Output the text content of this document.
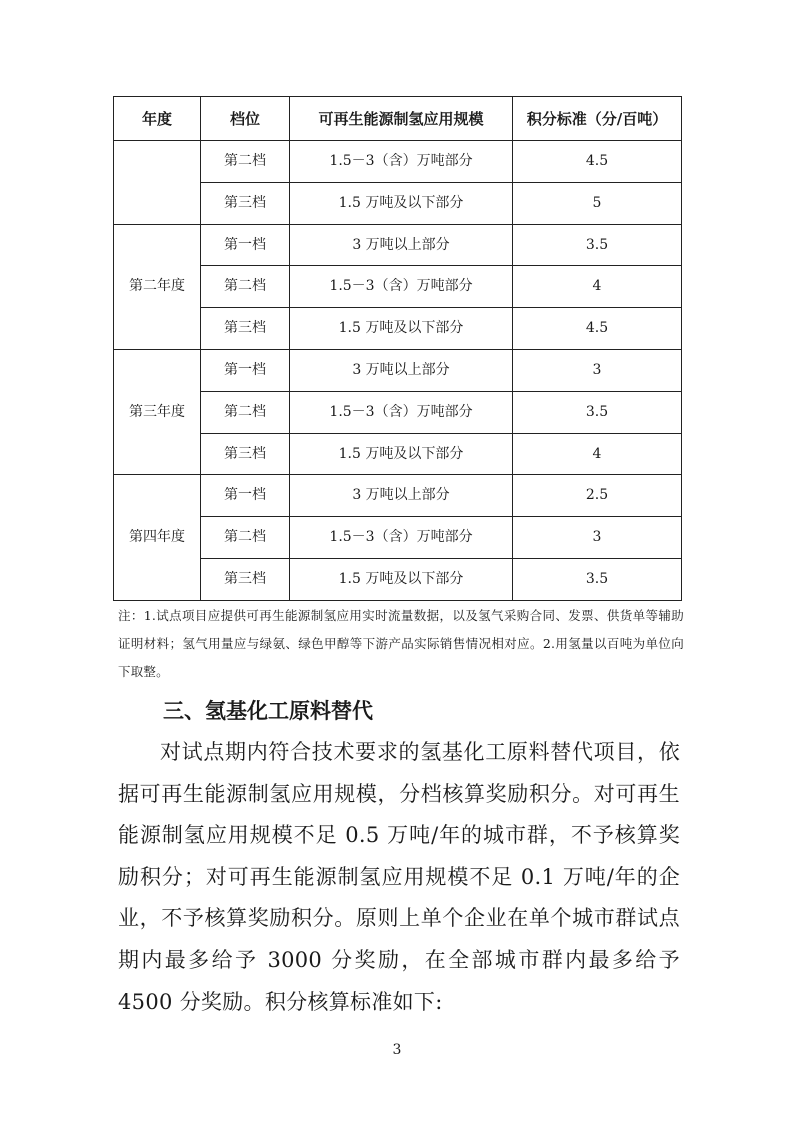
年度	档位	可再生能源制氢应用规模	积分标准（分/百吨）
	第二档	1.5－3（含）万吨部分	4.5
	第三档	1.5 万吨及以下部分	5
第二年度	第一档	3 万吨以上部分	3.5
	第二档	1.5－3（含）万吨部分	4
	第三档	1.5 万吨及以下部分	4.5
第三年度	第一档	3 万吨以上部分	3
	第二档	1.5－3（含）万吨部分	3.5
	第三档	1.5 万吨及以下部分	4
第四年度	第一档	3 万吨以上部分	2.5
	第二档	1.5－3（含）万吨部分	3
	第三档	1.5 万吨及以下部分	3.5
注：1.试点项目应提供可再生能源制氢应用实时流量数据，以及氢气采购合同、发票、供货单等辅助证明材料；氢气用量应与绿氨、绿色甲醇等下游产品实际销售情况相对应。2.用氢量以百吨为单位向下取整。
三、氢基化工原料替代
对试点期内符合技术要求的氢基化工原料替代项目，依据可再生能源制氢应用规模，分档核算奖励积分。对可再生能源制氢应用规模不足 0.5 万吨/年的城市群，不予核算奖励积分；对可再生能源制氢应用规模不足 0.1 万吨/年的企业，不予核算奖励积分。原则上单个企业在单个城市群试点期内最多给予 3000 分奖励，在全部城市群内最多给予 4500 分奖励。积分核算标准如下:
3
